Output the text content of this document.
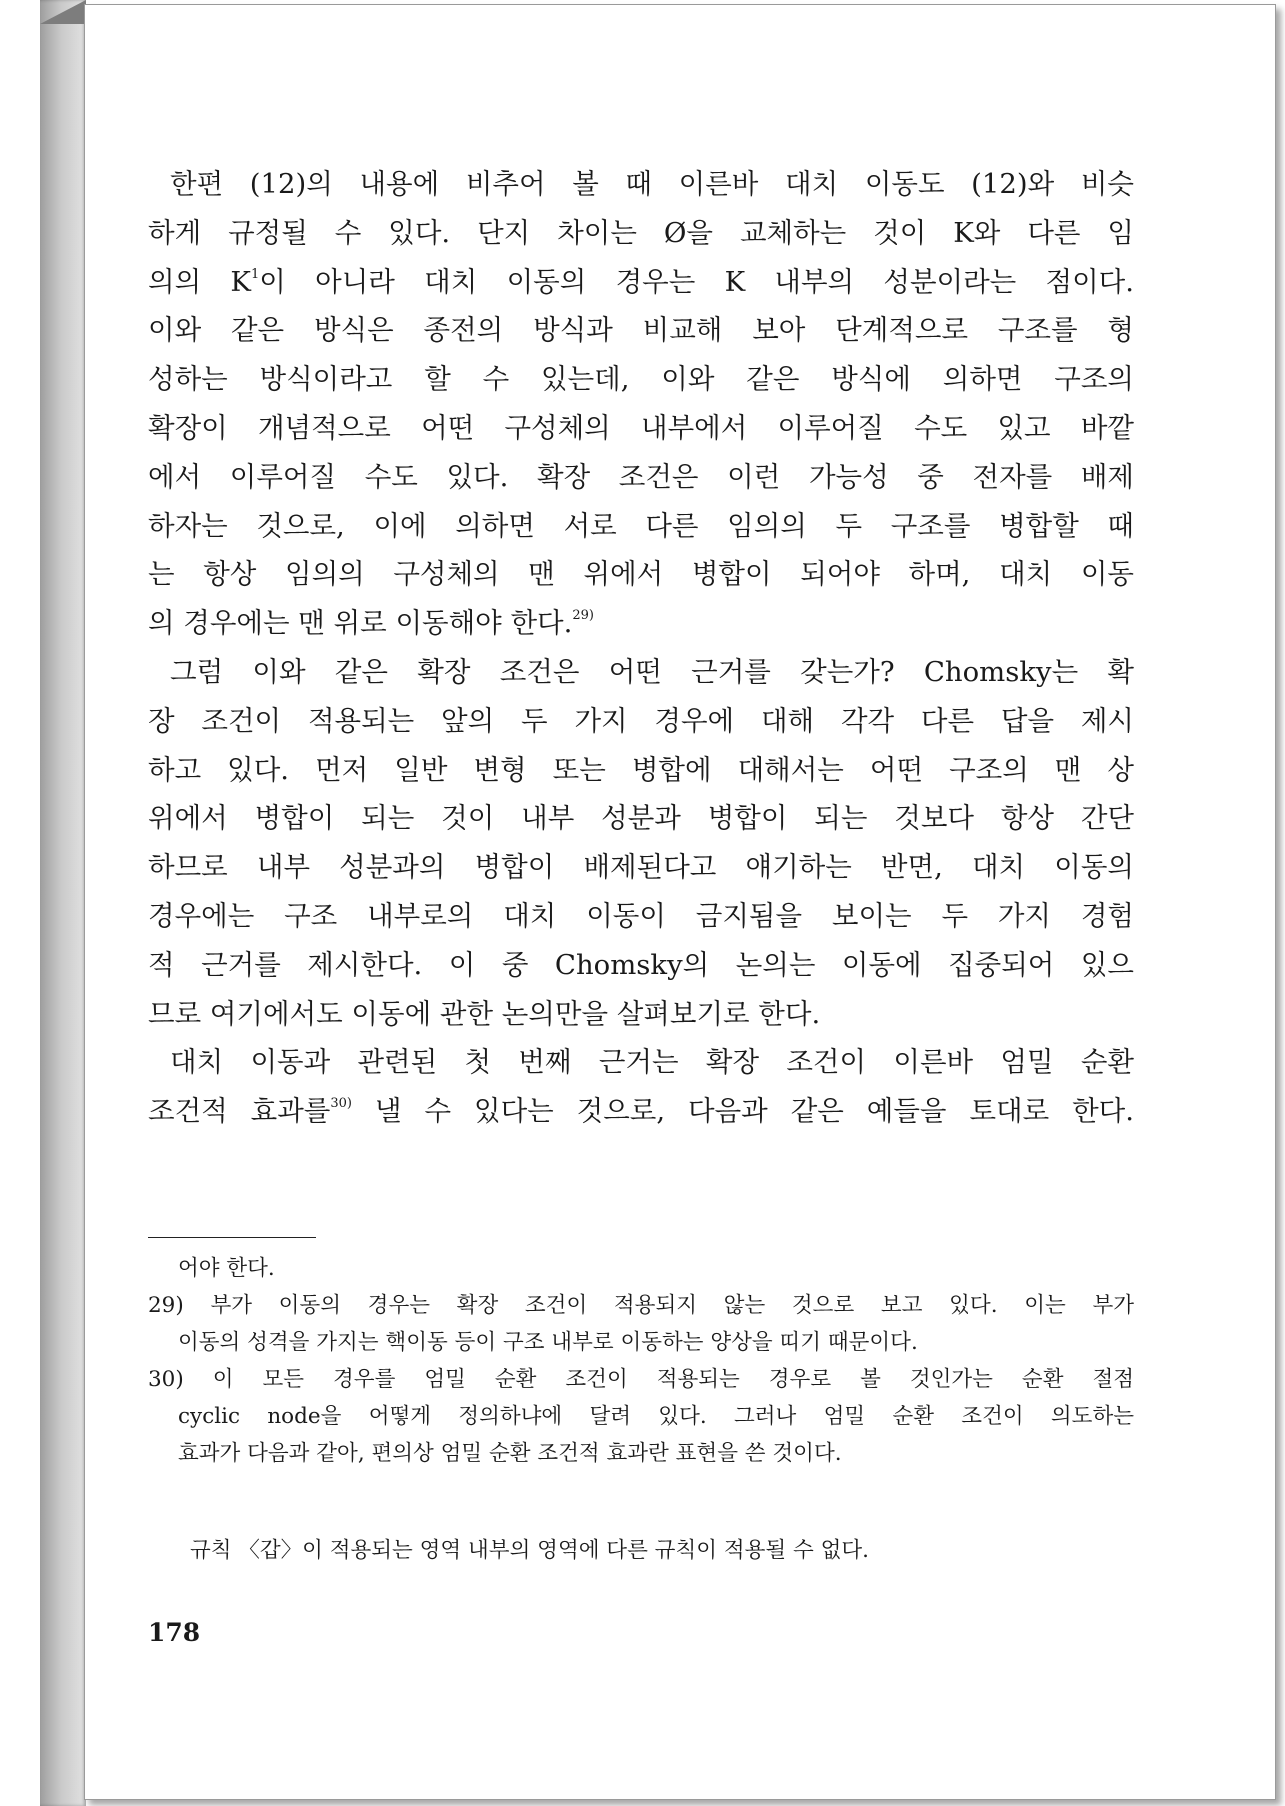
한편 (12)의 내용에 비추어 볼 때 이른바 대치 이동도 (12)와 비슷
하게 규정될 수 있다. 단지 차이는 Ø을 교체하는 것이 K와 다른 임
의의 $K^1$이 아니라 대치 이동의 경우는 K 내부의 성분이라는 점이다.
이와 같은 방식은 종전의 방식과 비교해 보아 단계적으로 구조를 형
성하는 방식이라고 할 수 있는데, 이와 같은 방식에 의하면 구조의
확장이 개념적으로 어떤 구성체의 내부에서 이루어질 수도 있고 바깥
에서 이루어질 수도 있다. 확장 조건은 이런 가능성 중 전자를 배제
하자는 것으로, 이에 의하면 서로 다른 임의의 두 구조를 병합할 때
는 항상 임의의 구성체의 맨 위에서 병합이 되어야 하며, 대치 이동
의 경우에는 맨 위로 이동해야 한다.$^{29)}$
그럼 이와 같은 확장 조건은 어떤 근거를 갖는가? Chomsky는 확
장 조건이 적용되는 앞의 두 가지 경우에 대해 각각 다른 답을 제시
하고 있다. 먼저 일반 변형 또는 병합에 대해서는 어떤 구조의 맨 상
위에서 병합이 되는 것이 내부 성분과 병합이 되는 것보다 항상 간단
하므로 내부 성분과의 병합이 배제된다고 얘기하는 반면, 대치 이동의
경우에는 구조 내부로의 대치 이동이 금지됨을 보이는 두 가지 경험
적 근거를 제시한다. 이 중 Chomsky의 논의는 이동에 집중되어 있으
므로 여기에서도 이동에 관한 논의만을 살펴보기로 한다.
대치 이동과 관련된 첫 번째 근거는 확장 조건이 이른바 엄밀 순환
조건적 효과를$^{30)}$ 낼 수 있다는 것으로, 다음과 같은 예들을 토대로 한다.
어야 한다.
29) 부가 이동의 경우는 확장 조건이 적용되지 않는 것으로 보고 있다. 이는 부가
이동의 성격을 가지는 핵이동 등이 구조 내부로 이동하는 양상을 띠기 때문이다.
30) 이 모든 경우를 엄밀 순환 조건이 적용되는 경우로 볼 것인가는 순환 절점
cyclic node을 어떻게 정의하냐에 달려 있다. 그러나 엄밀 순환 조건이 의도하는
효과가 다음과 같아, 편의상 엄밀 순환 조건적 효과란 표현을 쓴 것이다.
규칙 〈갑〉이 적용되는 영역 내부의 영역에 다른 규칙이 적용될 수 없다.
178
